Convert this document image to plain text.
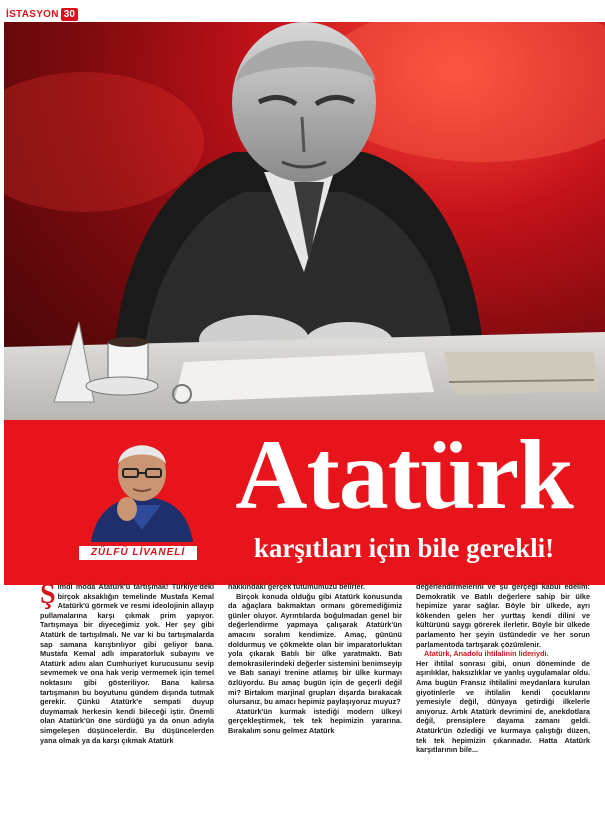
İSTASYON 30
ZÜLFÜ LİVANELİ
Atatürk
karşıtları için bile gerekli!

Şimdi moda Atatürk'ü tartışmak! Türkiye'deki birçok aksaklığın temelinde Mustafa Kemal Atatürk'ü görmek ve resmi ideolojinin allayıp pullamalarına karşı çıkmak prim yapıyor. Tartışmaya bir diyeceğimiz yok. Her şey gibi Atatürk de tartışılmalı. Ne var ki bu tartışmalarda sap samana karıştırılıyor gibi geliyor bana. Mustafa Kemal adlı imparatorluk subayını ve Atatürk adını alan Cumhuriyet kurucusunu sevip sevmemek ve ona hak verip vermemek için temel noktasını gibi gösteriliyor. Bana kalırsa tartışmanın bu boyutunu gündem dışında tutmak gerekir. Çünkü Atatürk'e sempati duyup duymamak herkesin kendi bileceği iştir. Önemli olan Atatürk'ün öne sürdüğü ya da onun adıyla simgeleşen düşüncelerdir. Bu düşüncelerden yana olmak ya da karşı çıkmak Atatürk

hakkındaki gerçek tutumumuzu belirler.

Birçok konuda olduğu gibi Atatürk konusunda da ağaçlara bakmaktan ormanı göremediğimiz günler oluyor. Ayrıntılarda boğulmadan genel bir değerlendirme yapmaya çalışarak Atatürk'ün amacını soralım kendimize. Amaç, gününü doldurmuş ve çökmekte olan bir imparatorluktan yola çıkarak Batılı bir ülke yaratmaktı. Batı demokrasilerindeki değerler sistemini benimseyip ve Batı sanayi trenine atlamış bir ülke kurmayı özlüyordu. Bu amaç bugün için de geçerli değil mi? Birtakım marjinal grupları dışarda bırakacak olursanız, bu amacı hepimiz paylaşıyoruz muyuz?

Atatürk'ün kurmak istediği modern ülkeyi gerçekleştirmek, tek tek hepimizin yararına. Bırakalım sonu gelmez Atatürk

değerlendirmelerini ve şu gerçeği kabul edelim: Demokratik ve Batılı değerlere sahip bir ülke hepimize yarar sağlar. Böyle bir ülkede, ayrı kökenden gelen her yurttaş kendi dilini ve kültürünü saygı görerek ilerletir. Böyle bir ülkede parlamento her şeyin üstündedir ve her sorun parlamentoda tartışarak çözümlenir.

Atatürk, Anadolu ihtilalinin lideriydi.

Her ihtilal sonrası gibi, onun döneminde de aşırılıklar, haksızlıklar ve yanlış uygulamalar oldu. Ama bugün Fransız ihtilalini meydanlara kurulan giyotinlerle ve ihtilalin kendi çocuklarını yemesiyle değil, dünyaya getirdiği ilkelerle anıyoruz. Artık Atatürk devrimini de, anekdotlara değil, prensiplere dayama zamanı geldi. Atatürk'ün özlediği ve kurmaya çalıştığı düzen, tek tek hepimizin çıkarınadır. Hatta Atatürk karşıtlarının bile...
